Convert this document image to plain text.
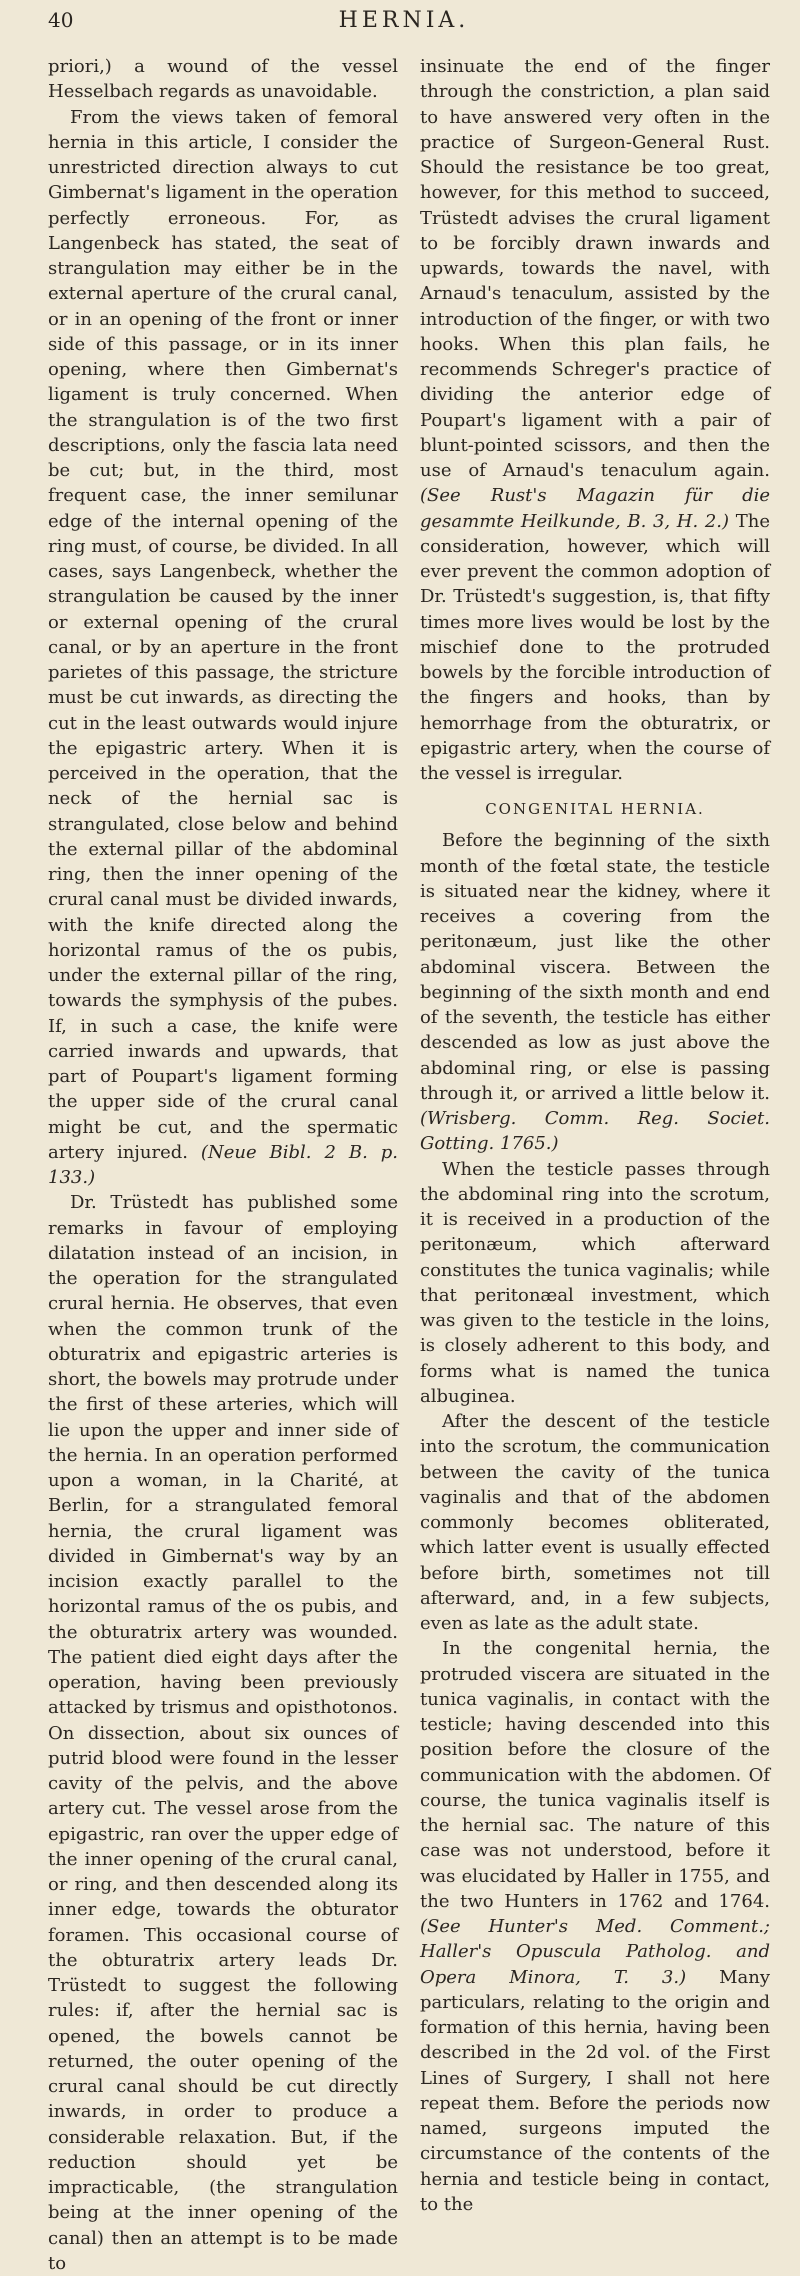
40	HERNIA.

priori,) a wound of the vessel Hesselbach regards as unavoidable.

From the views taken of femoral hernia in this article, I consider the unrestricted direction always to cut Gimbernat's ligament in the operation perfectly erroneous. For, as Langenbeck has stated, the seat of strangulation may either be in the external aperture of the crural canal, or in an opening of the front or inner side of this passage, or in its inner opening, where then Gimbernat's ligament is truly concerned. When the strangulation is of the two first descriptions, only the fascia lata need be cut; but, in the third, most frequent case, the inner semilunar edge of the internal opening of the ring must, of course, be divided. In all cases, says Langenbeck, whether the strangulation be caused by the inner or external opening of the crural canal, or by an aperture in the front parietes of this passage, the stricture must be cut inwards, as directing the cut in the least outwards would injure the epigastric artery. When it is perceived in the operation, that the neck of the hernial sac is strangulated, close below and behind the external pillar of the abdominal ring, then the inner opening of the crural canal must be divided inwards, with the knife directed along the horizontal ramus of the os pubis, under the external pillar of the ring, towards the symphysis of the pubes. If, in such a case, the knife were carried inwards and upwards, that part of Poupart's ligament forming the upper side of the crural canal might be cut, and the spermatic artery injured. (Neue Bibl. 2 B. p. 133.)

Dr. Trüstedt has published some remarks in favour of employing dilatation instead of an incision, in the operation for the strangulated crural hernia. He observes, that even when the common trunk of the obturatrix and epigastric arteries is short, the bowels may protrude under the first of these arteries, which will lie upon the upper and inner side of the hernia. In an operation performed upon a woman, in la Charité, at Berlin, for a strangulated femoral hernia, the crural ligament was divided in Gimbernat's way by an incision exactly parallel to the horizontal ramus of the os pubis, and the obturatrix artery was wounded. The patient died eight days after the operation, having been previously attacked by trismus and opisthotonos. On dissection, about six ounces of putrid blood were found in the lesser cavity of the pelvis, and the above artery cut. The vessel arose from the epigastric, ran over the upper edge of the inner opening of the crural canal, or ring, and then descended along its inner edge, towards the obturator foramen. This occasional course of the obturatrix artery leads Dr. Trüstedt to suggest the following rules: if, after the hernial sac is opened, the bowels cannot be returned, the outer opening of the crural canal should be cut directly inwards, in order to produce a considerable relaxation. But, if the reduction should yet be impracticable, (the strangulation being at the inner opening of the canal) then an attempt is to be made to

insinuate the end of the finger through the constriction, a plan said to have answered very often in the practice of Surgeon-General Rust. Should the resistance be too great, however, for this method to succeed, Trüstedt advises the crural ligament to be forcibly drawn inwards and upwards, towards the navel, with Arnaud's tenaculum, assisted by the introduction of the finger, or with two hooks. When this plan fails, he recommends Schreger's practice of dividing the anterior edge of Poupart's ligament with a pair of blunt-pointed scissors, and then the use of Arnaud's tenaculum again. (See Rust's Magazin für die gesammte Heilkunde, B. 3, H. 2.) The consideration, however, which will ever prevent the common adoption of Dr. Trüstedt's suggestion, is, that fifty times more lives would be lost by the mischief done to the protruded bowels by the forcible introduction of the fingers and hooks, than by hemorrhage from the obturatrix, or epigastric artery, when the course of the vessel is irregular.

CONGENITAL HERNIA.

Before the beginning of the sixth month of the fœtal state, the testicle is situated near the kidney, where it receives a covering from the peritonæum, just like the other abdominal viscera. Between the beginning of the sixth month and end of the seventh, the testicle has either descended as low as just above the abdominal ring, or else is passing through it, or arrived a little below it. (Wrisberg. Comm. Reg. Societ. Gotting. 1765.)

When the testicle passes through the abdominal ring into the scrotum, it is received in a production of the peritonæum, which afterward constitutes the tunica vaginalis; while that peritonæal investment, which was given to the testicle in the loins, is closely adherent to this body, and forms what is named the tunica albuginea.

After the descent of the testicle into the scrotum, the communication between the cavity of the tunica vaginalis and that of the abdomen commonly becomes obliterated, which latter event is usually effected before birth, sometimes not till afterward, and, in a few subjects, even as late as the adult state.

In the congenital hernia, the protruded viscera are situated in the tunica vaginalis, in contact with the testicle; having descended into this position before the closure of the communication with the abdomen. Of course, the tunica vaginalis itself is the hernial sac. The nature of this case was not understood, before it was elucidated by Haller in 1755, and the two Hunters in 1762 and 1764. (See Hunter's Med. Comment.; Haller's Opuscula Patholog. and Opera Minora, T. 3.) Many particulars, relating to the origin and formation of this hernia, having been described in the 2d vol. of the First Lines of Surgery, I shall not here repeat them. Before the periods now named, surgeons imputed the circumstance of the contents of the hernia and testicle being in contact, to the
